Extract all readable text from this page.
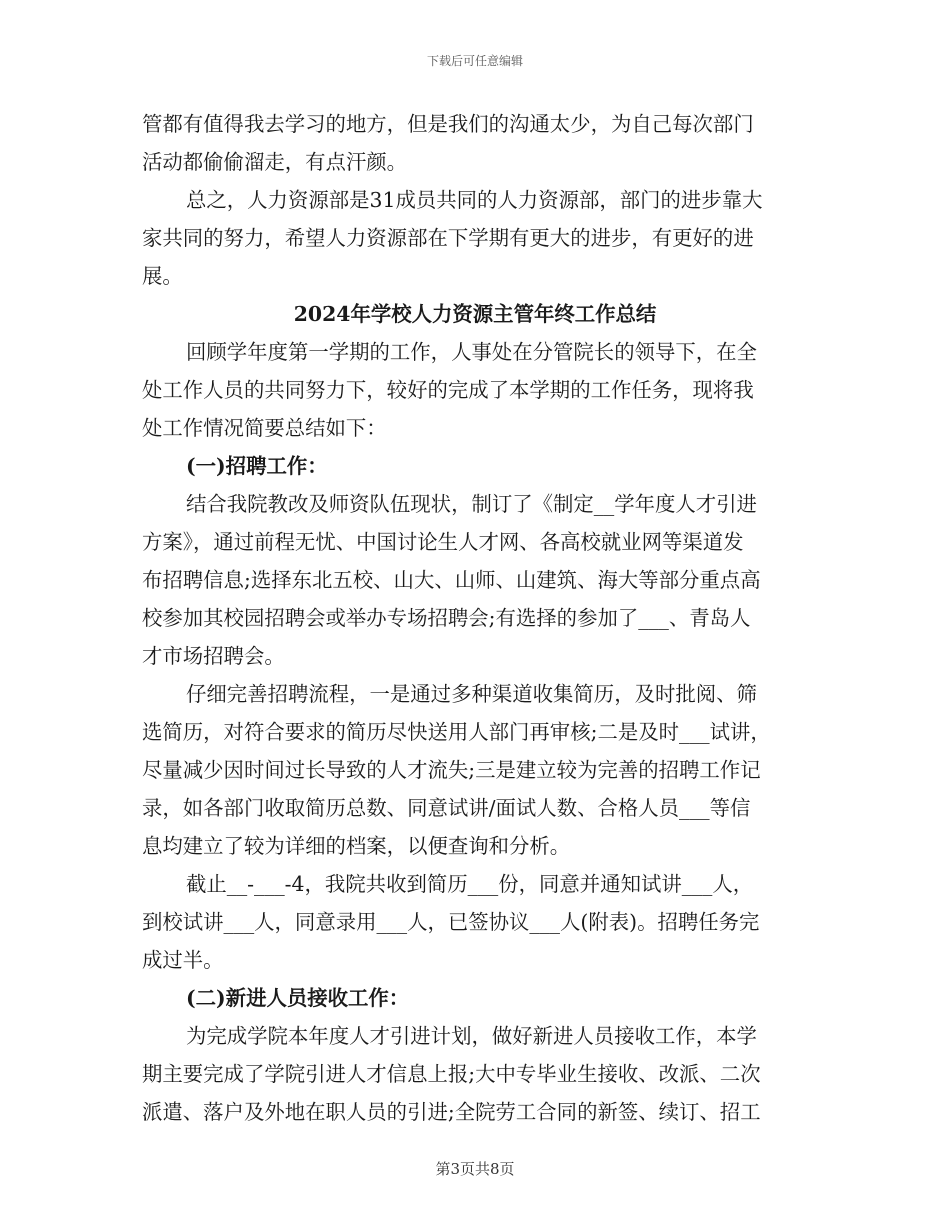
下载后可任意编辑
管都有值得我去学习的地方，但是我们的沟通太少，为自己每次部门
活动都偷偷溜走，有点汗颜。
总之，人力资源部是31成员共同的人力资源部，部门的进步靠大
家共同的努力，希望人力资源部在下学期有更大的进步，有更好的进
展。
2024年学校人力资源主管年终工作总结
回顾学年度第一学期的工作，人事处在分管院长的领导下，在全
处工作人员的共同努力下，较好的完成了本学期的工作任务，现将我
处工作情况简要总结如下：
(一)招聘工作：
结合我院教改及师资队伍现状，制订了《制定__学年度人才引进
方案》，通过前程无忧、中国讨论生人才网、各高校就业网等渠道发
布招聘信息;选择东北五校、山大、山师、山建筑、海大等部分重点高
校参加其校园招聘会或举办专场招聘会;有选择的参加了___、青岛人
才市场招聘会。
仔细完善招聘流程，一是通过多种渠道收集简历，及时批阅、筛
选简历，对符合要求的简历尽快送用人部门再审核;二是及时___试讲，
尽量减少因时间过长导致的人才流失;三是建立较为完善的招聘工作记
录，如各部门收取简历总数、同意试讲/面试人数、合格人员___等信
息均建立了较为详细的档案，以便查询和分析。
截止__-___-4，我院共收到简历___份，同意并通知试讲___人，
到校试讲___人，同意录用___人，已签协议___人(附表)。招聘任务完
成过半。
(二)新进人员接收工作：
为完成学院本年度人才引进计划，做好新进人员接收工作，本学
期主要完成了学院引进人才信息上报;大中专毕业生接收、改派、二次
派遣、落户及外地在职人员的引进;全院劳工合同的新签、续订、招工
第3页共8页
